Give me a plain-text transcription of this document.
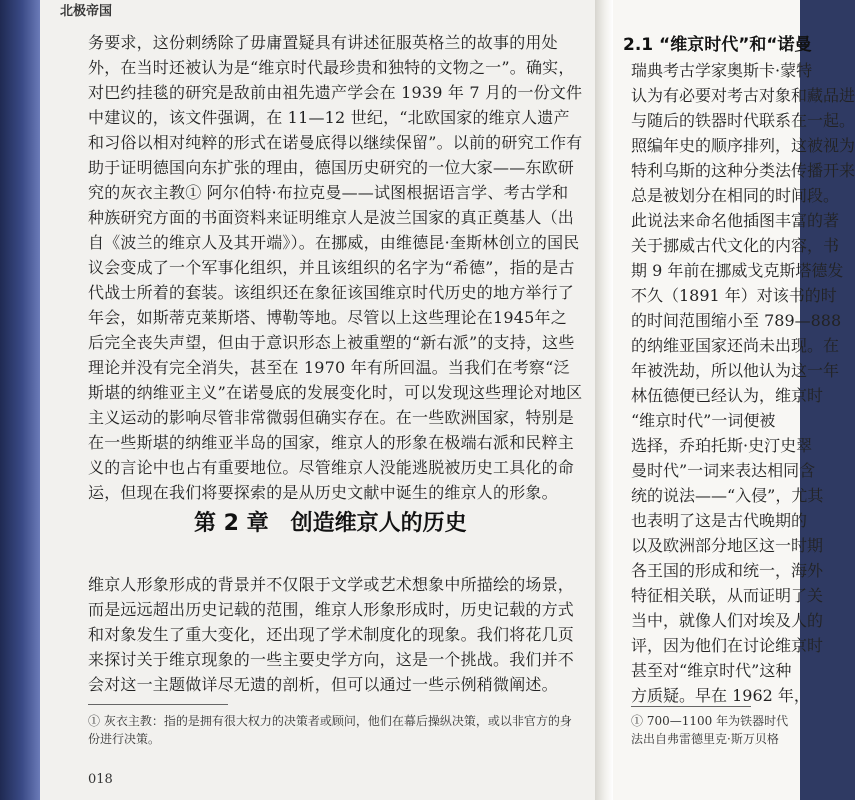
北极帝国

务要求，这份刺绣除了毋庸置疑具有讲述征服英格兰的故事的用处外，在当时还被认为是“维京时代最珍贵和独特的文物之一”。确实，对巴约挂毯的研究是敌前由祖先遗产学会在 1939 年 7 月的一份文件中建议的，该文件强调，在 11—12 世纪，“北欧国家的维京人遗产和习俗以相对纯粹的形式在诺曼底得以继续保留”。以前的研究工作有助于证明德国向东扩张的理由，德国历史研究的一位大家——东欧研究的灰衣主教① 阿尔伯特·布拉克曼——试图根据语言学、考古学和种族研究方面的书面资料来证明维京人是波兰国家的真正奠基人（出自《波兰的维京人及其开端》）。在挪威，由维德昆·奎斯林创立的国民议会变成了一个军事化组织，并且该组织的名字为“希德”，指的是古代战士所着的套装。该组织还在象征该国维京时代历史的地方举行了年会，如斯蒂克莱斯塔、博勒等地。尽管以上这些理论在1945年之后完全丧失声望，但由于意识形态上被重塑的“新右派”的支持，这些理论并没有完全消失，甚至在 1970 年有所回温。当我们在考察“泛斯堪的纳维亚主义”在诺曼底的发展变化时，可以发现这些理论对地区主义运动的影响尽管非常微弱但确实存在。在一些欧洲国家，特别是在一些斯堪的纳维亚半岛的国家，维京人的形象在极端右派和民粹主义的言论中也占有重要地位。尽管维京人没能逃脱被历史工具化的命运，但现在我们将要探索的是从历史文献中诞生的维京人的形象。

第 2 章　创造维京人的历史

维京人形象形成的背景并不仅限于文学或艺术想象中所描绘的场景，而是远远超出历史记载的范围，维京人形象形成时，历史记载的方式和对象发生了重大变化，还出现了学术制度化的现象。我们将花几页来探讨关于维京现象的一些主要史学方向，这是一个挑战。我们并不会对这一主题做详尽无遗的剖析，但可以通过一些示例稍微阐述。

① 灰衣主教：指的是拥有很大权力的决策者或顾问，他们在幕后操纵决策，或以非官方的身份进行决策。
018
2.1 “维京时代”和“诺曼
瑞典考古学家奥斯卡·蒙特
认为有必要对考古对象和藏品进
与随后的铁器时代联系在一起。
照编年史的顺序排列，这被视为
特利乌斯的这种分类法传播开来
总是被划分在相同的时间段。
此说法来命名他插图丰富的著
关于挪威古代文化的内容，书
期 9 年前在挪威戈克斯塔德发
不久（1891 年）对该书的时
的时间范围缩小至 789—888
的纳维亚国家还尚未出现。在
年被洗劫，所以他认为这一年
林伍德便已经认为，维京时
“维京时代”一词便被
选择，乔珀托斯·史汀史翠
曼时代”一词来表达相同含
统的说法——“入侵”，尤其
也表明了这是古代晚期的
以及欧洲部分地区这一时期
各王国的形成和统一，海外
特征相关联，从而证明了关
当中，就像人们对埃及人的
评，因为他们在讨论维京时
甚至对“维京时代”这种
方质疑。早在 1962 年，
① 700—1100 年为铁器时代
法出自弗雷德里克·斯万贝格
